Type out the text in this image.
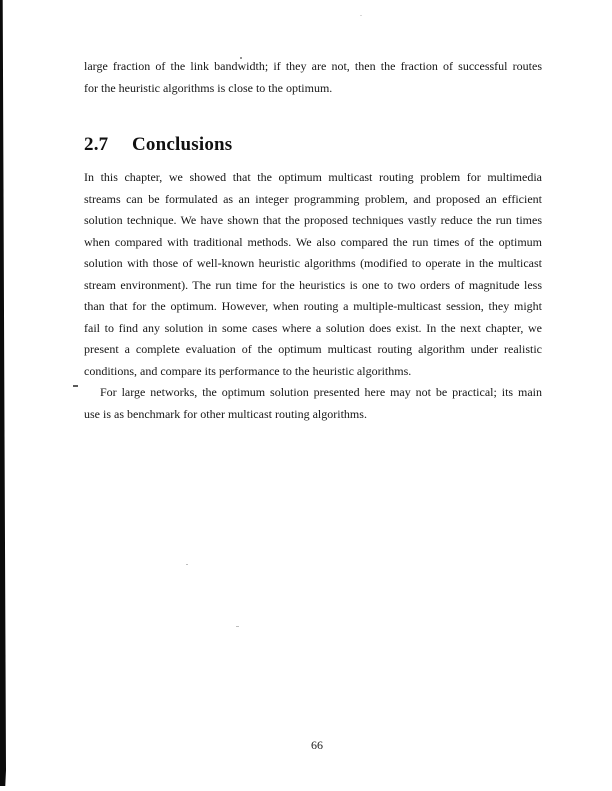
large fraction of the link bandwidth; if they are not, then the fraction of successful routes
for the heuristic algorithms is close to the optimum.
2.7 Conclusions
In this chapter, we showed that the optimum multicast routing problem for multimedia
streams can be formulated as an integer programming problem, and proposed an efficient
solution technique. We have shown that the proposed techniques vastly reduce the run times
when compared with traditional methods. We also compared the run times of the optimum
solution with those of well-known heuristic algorithms (modified to operate in the multicast
stream environment). The run time for the heuristics is one to two orders of magnitude less
than that for the optimum. However, when routing a multiple-multicast session, they might
fail to find any solution in some cases where a solution does exist. In the next chapter, we
present a complete evaluation of the optimum multicast routing algorithm under realistic
conditions, and compare its performance to the heuristic algorithms.
For large networks, the optimum solution presented here may not be practical; its main
use is as benchmark for other multicast routing algorithms.
66
